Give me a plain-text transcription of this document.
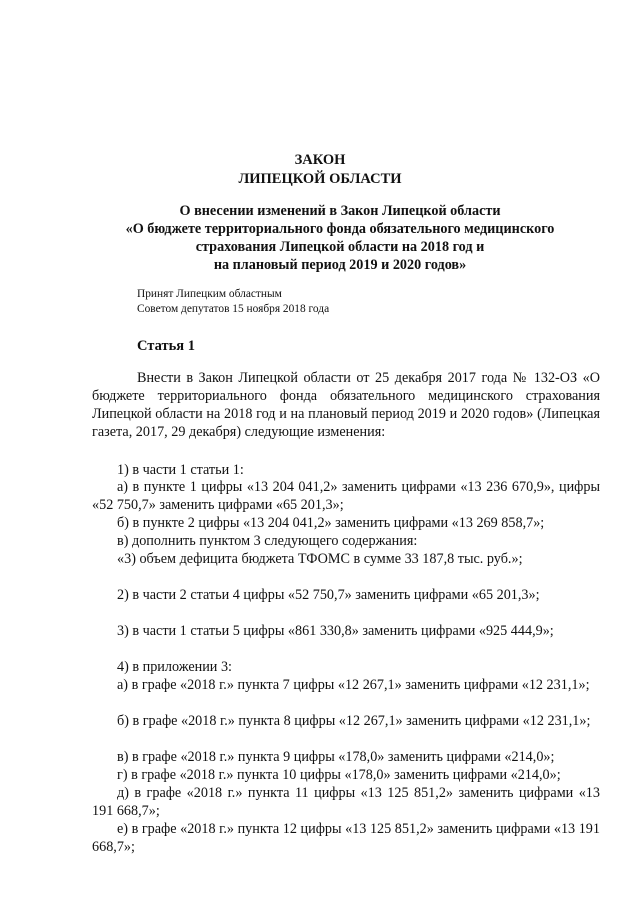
ЗАКОН
ЛИПЕЦКОЙ ОБЛАСТИ
О внесении изменений в Закон Липецкой области
«О бюджете территориального фонда обязательного медицинского
страхования Липецкой области на 2018 год и
на плановый период 2019 и 2020 годов»
Принят Липецким областным
Советом депутатов 15 ноября 2018 года
Статья 1

Внести в Закон Липецкой области от 25 декабря 2017 года № 132-ОЗ «О бюджете территориального фонда обязательного медицинского страхования Липецкой области на 2018 год и на плановый период 2019 и 2020 годов» (Липецкая газета, 2017, 29 декабря) следующие изменения:

1) в части 1 статьи 1:

а) в пункте 1 цифры «13 204 041,2» заменить цифрами «13 236 670,9», цифры «52 750,7» заменить цифрами «65 201,3»;

б) в пункте 2 цифры «13 204 041,2» заменить цифрами «13 269 858,7»;

в) дополнить пунктом 3 следующего содержания:

«3) объем дефицита бюджета ТФОМС в сумме 33 187,8 тыс. руб.»;

2) в части 2 статьи 4 цифры «52 750,7» заменить цифрами «65 201,3»;

3) в части 1 статьи 5 цифры «861 330,8» заменить цифрами «925 444,9»;

4) в приложении 3:

а) в графе «2018 г.» пункта 7 цифры «12 267,1» заменить цифрами «12 231,1»;

б) в графе «2018 г.» пункта 8 цифры «12 267,1» заменить цифрами «12 231,1»;

в) в графе «2018 г.» пункта 9 цифры «178,0» заменить цифрами «214,0»;

г) в графе «2018 г.» пункта 10 цифры «178,0» заменить цифрами «214,0»;

д) в графе «2018 г.» пункта 11 цифры «13 125 851,2» заменить цифрами «13 191 668,7»;

е) в графе «2018 г.» пункта 12 цифры «13 125 851,2» заменить цифрами «13 191 668,7»;
